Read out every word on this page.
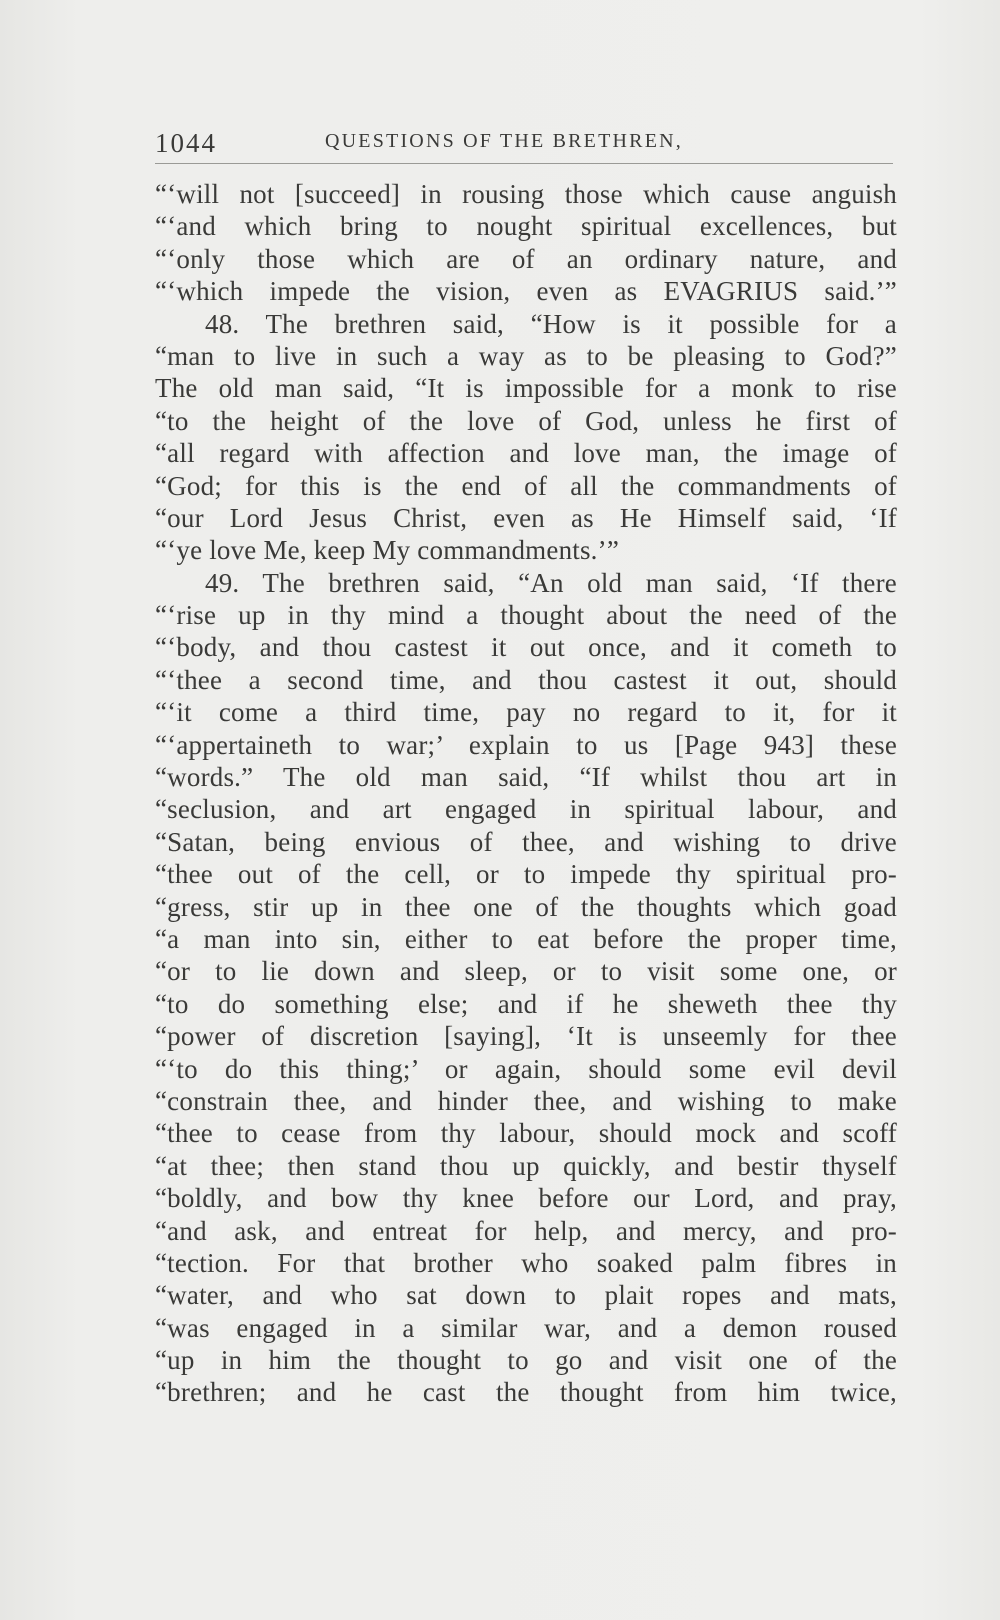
1044	QUESTIONS OF THE BRETHREN,
“‘will not [succeed] in rousing those which cause anguish
“‘and which bring to nought spiritual excellences, but
“‘only those which are of an ordinary nature, and
“‘which impede the vision, even as EVAGRIUS said.’”
48. The brethren said, “How is it possible for a
“man to live in such a way as to be pleasing to God?”
The old man said, “It is impossible for a monk to rise
“to the height of the love of God, unless he first of
“all regard with affection and love man, the image of
“God; for this is the end of all the commandments of
“our Lord Jesus Christ, even as He Himself said, ‘If
“‘ye love Me, keep My commandments.’”
49. The brethren said, “An old man said, ‘If there
“‘rise up in thy mind a thought about the need of the
“‘body, and thou castest it out once, and it cometh to
“‘thee a second time, and thou castest it out, should
“‘it come a third time, pay no regard to it, for it
“‘appertaineth to war;’ explain to us [Page 943] these
“words.” The old man said, “If whilst thou art in
“seclusion, and art engaged in spiritual labour, and
“Satan, being envious of thee, and wishing to drive
“thee out of the cell, or to impede thy spiritual pro-
“gress, stir up in thee one of the thoughts which goad
“a man into sin, either to eat before the proper time,
“or to lie down and sleep, or to visit some one, or
“to do something else; and if he sheweth thee thy
“power of discretion [saying], ‘It is unseemly for thee
“‘to do this thing;’ or again, should some evil devil
“constrain thee, and hinder thee, and wishing to make
“thee to cease from thy labour, should mock and scoff
“at thee; then stand thou up quickly, and bestir thyself
“boldly, and bow thy knee before our Lord, and pray,
“and ask, and entreat for help, and mercy, and pro-
“tection. For that brother who soaked palm fibres in
“water, and who sat down to plait ropes and mats,
“was engaged in a similar war, and a demon roused
“up in him the thought to go and visit one of the
“brethren; and he cast the thought from him twice,
